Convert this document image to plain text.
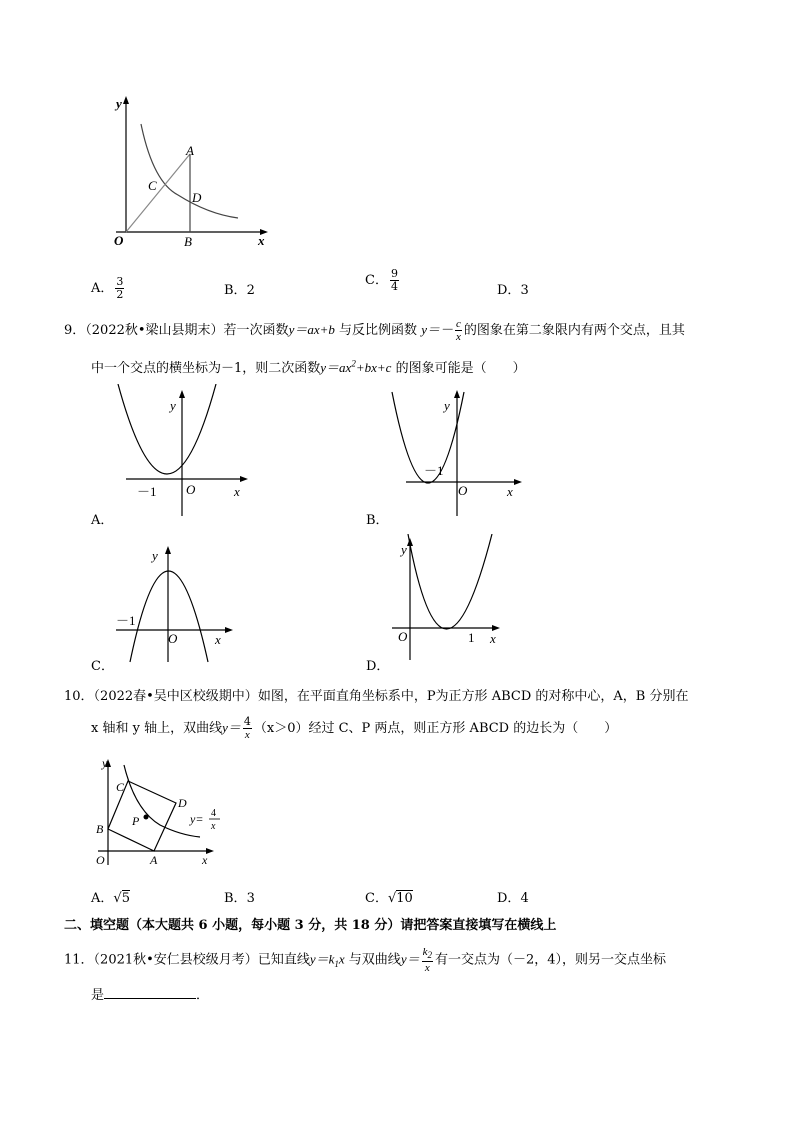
y
x
O
A
B
C
D
A． $\frac{3}{2}$	B．2
C． $\frac{9}{4}$	D．3
9．（2022秋•梁山县期末）若一次函数y＝ax+b 与反比例函数 $y=- \frac{c}{x}$ 的图象在第二象限内有两个交点，且其
中一个交点的横坐标为－1，则二次函数$y=ax^2+bx+c$ 的图象可能是（　　）
y
x
O
－1
A．
y
x
O
－1
B．
y
x
O
－1
C．
y
x
O	1
D．
10．（2022春•吴中区校级期中）如图，在平面直角坐标系中，P为正方形 ABCD 的对称中心，A，B 分别在
x 轴和 y 轴上，双曲线$y= \frac{4}{x} (x>0)$经过 C、P 两点，则正方形 ABCD 的边长为（　　）
y
x
O	A
B
C
D
P	y= 4
x
A．√5	B．3	C．√10	D．4
二、填空题（本大题共 6 小题，每小题 3 分，共 18 分）请把答案直接填写在横线上
11．（2021秋•安仁县校级月考）已知直线$y=k_1x$ 与双曲线$y= \frac{k_2}{x}$ 有一交点为（－2，4），则另一交点坐标
是	．
